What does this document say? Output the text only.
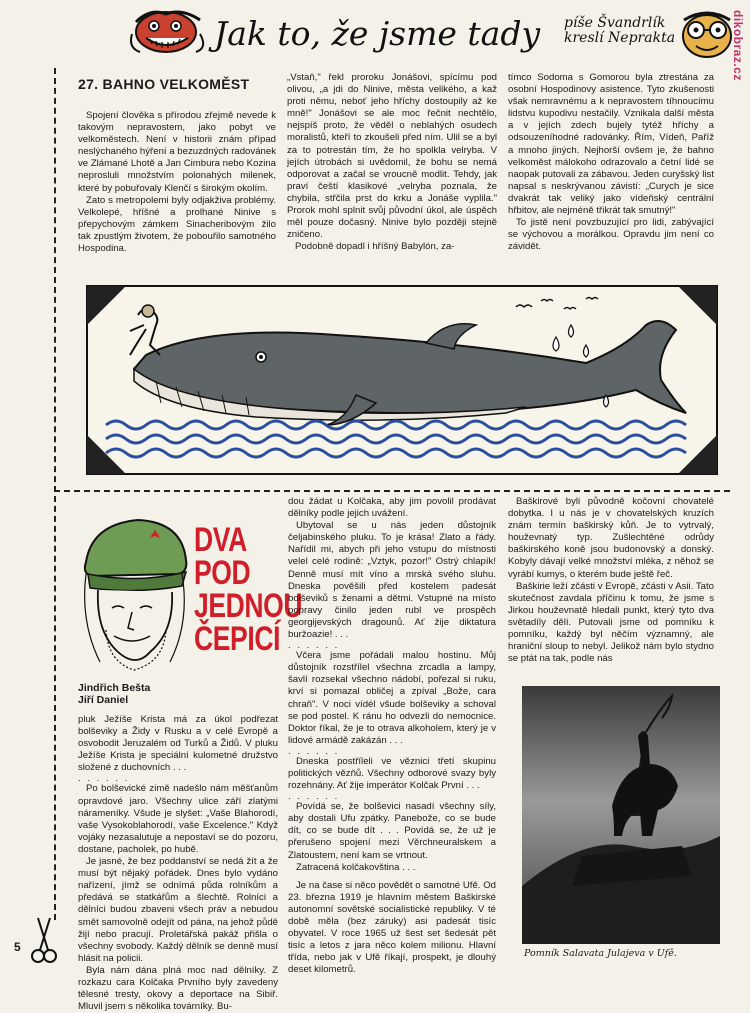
Jak to, že jsme tady píše Švandrlík
kreslí Neprakta	dikobraz.cz
27. BAHNO VELKOMĚST

Spojení člověka s přírodou zřejmě nevede k takovým nepravostem, jako pobyt ve velkoměstech. Není v historii znám případ neslýchaného hýření a bezuzdných radovánek ve Zlámané Lhotě a Jan Cimbura nebo Kozina neprosluli množstvím polonahých milenek, které by pobuřovaly Klenčí s širokým okolím.

Zato s metropolemi byly odjakživa problémy. Velkolepé, hříšné a prolhané Ninive s přepychovým zámkem Sinacheribovým žilo tak zpustlým životem, že pobouřilo samotného Hospodina.

„Vstaň," řekl proroku Jonášovi, spícímu pod olivou, „a jdi do Ninive, města velikého, a kaž proti němu, neboť jeho hříchy dostoupily až ke mně!" Jonášovi se ale moc řečnit nechtělo, nejspíš proto, že věděl o neblahých osudech moralistů, kteří to zkoušeli před ním. Ulil se a byl za to potrestán tím, že ho spolkla velryba. V jejích útrobách si uvědomil, že bohu se nemá odporovat a začal se vroucně modlit. Tehdy, jak praví čeští klasikové „velryba poznala, že chybila, střčila prst do krku a Jonáše vyplila." Prorok mohl splnit svůj původní úkol, ale úspěch měl pouze dočasný. Ninive bylo později stejně zničeno.

Podobně dopadl i hříšný Babylón, za-

tímco Sodoma s Gomorou byla ztrestána za osobní Hospodinovy asistence. Tyto zkušenosti však nemravnému a k nepravostem tíhnoucímu lidstvu kupodivu nestačily. Vznikala další města a v jejích zdech bujely tytéž hříchy a odsouzeníhodné radovánky. Řím, Vídeň, Paříž a mnoho jiných. Nejhorší ovšem je, že bahno velkoměst málokoho odrazovalo a četní lidé se naopak putovali za zábavou. Jeden curyšský list napsal s neskrývanou závistí: „Curych je sice dvakrát tak veliký jako vídeňský centrální hřbitov, ale nejméně třikrát tak smutný!"

To jistě není povzbuzující pro lidi, zabývající se výchovou a morálkou. Opravdu jim není co závidět.

DVA
POD
JEDNOU
ČEPICÍ
Jindřich Bešta
Jiří Daniel

pluk Ježíše Krista má za úkol podřezat bolševiky a Židy v Rusku a v celé Evropě a osvobodit Jeruzalém od Turků a Židů. V pluku Ježíše Krista je speciální kulometné družstvo složené z duchovních . . .

. . . . . .

Po bolševické zimě nadešlo nám měšťanům opravdové jaro. Všechny ulice září zlatými nárameníky. Všude je slyšet: „Vaše Blahorodí, vaše Vysokoblahorodí, vaše Excelence." Když vojáky nezasalutuje a nepostaví se do pozoru, dostane, pacholek, po hubě.

Je jasné, že bez poddanství se nedá žít a že musí být nějaký pořádek. Dnes bylo vydáno nařízení, jímž se odnímá půda rolníkům a předává se statkářům a šlechtě. Rolníci a dělníci budou zbaveni všech práv a nebudou smět samovolně odejít od pána, na jehož půdě žijí nebo pracují. Proletářská pakáž přišla o všechny svobody. Každý dělník se denně musí hlásit na policii.

Byla nám dána plná moc nad dělníky. Z rozkazu cara Kolčaka Prvního byly zavedeny tělesné tresty, okovy a deportace na Sibiř. Mluvil jsem s několika továrníky. Bu-

dou žádat u Kolčaka, aby jim povolil prodávat dělníky podle jejich uvážení.

Ubytoval se u nás jeden důstojník čeljabinského pluku. To je krása! Zlato a řády. Nařídil mi, abych při jeho vstupu do místnosti velel celé rodině: „Vztyk, pozor!" Ostrý chlapík! Denně musí mít víno a mrská svého sluhu. Dneska pověšili před kostelem padesát bolševiků s ženami a dětmi. Vstupné na místo popravy činilo jeden rubl ve prospěch georgijevských dragounů. Ať žije diktatura buržoazie! . . .

. . . . . .

Včera jsme pořádali malou hostinu. Můj důstojník rozstřílel všechna zrcadla a lampy, šavlí rozsekal všechno nádobí, pořezal si ruku, krví si pomazal obličej a zpíval „Bože, cara chraň". V noci vídél všude bolševiky a schoval se pod postel. K ránu ho odvezli do nemocnice. Doktor říkal, že je to otrava alkoholem, který je v lidové armádě zakázán . . .

. . . . . .

Dneska postříleli ve věznici třetí skupinu politických vězňů. Všechny odborové svazy byly rozehnány. Ať žije imperátor Kolčak První . . .

. . . . . .

Povídá se, že bolševici nasadí všechny síly, aby dostali Ufu zpátky. Panebože, co se bude dít, co se bude dít . . . Povídá se, že už je přerušeno spojení mezi Věrchneuralskem a Zlatoustem, není kam se vrtnout.

Zatracená kolčakovština . . .

Je na čase si něco povědět o samotné Ufě. Od 23. března 1919 je hlavním městem Baškirské autonomní sovětské socialistické republiky. V té době měla (bez záruky) asi padesát tisíc obyvatel. V roce 1965 už šest set šedesát pět tisíc a letos z jara něco kolem milionu. Hlavní třída, nebo jak v Ufě říkají, prospekt, je dlouhý deset kilometrů.

Baškirové byli původně kočovní chovatelé dobytka. I u nás je v chovatelských kruzích znám termín baškirský kůň. Je to vytrvalý, houževnatý typ. Zušlechtěné odrůdy baškirského koně jsou budonovský a donský. Kobyly dávají velké množství mléka, z něhož se vyrábí kumys, o kterém bude ještě řeč.

Baškirie leží zčásti v Evropě, zčásti v Asii. Tato skutečnost zavdala příčinu k tomu, že jsme s Jirkou houževnatě hledali punkt, který tyto dva světadíly dělí. Putovali jsme od pomníku k pomníku, každý byl něčím významný, ale hraniční sloup to nebyl. Jelikož nám bylo stydno se ptát na tak, podle nás

Pomník Salavata Julajeva v Ufě.
5
